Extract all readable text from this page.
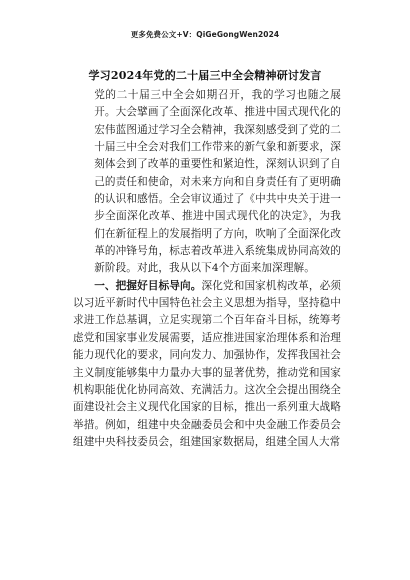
更多免费公文+V：QiGeGongWen2024
学习2024年党的二十届三中全会精神研讨发言

党的二十届三中全会如期召开，我的学习也随之展开。大会擘画了全面深化改革、推进中国式现代化的宏伟蓝图通过学习全会精神，我深刻感受到了党的二十届三中全会对我们工作带来的新气象和新要求，深刻体会到了改革的重要性和紧迫性，深刻认识到了自己的责任和使命，对未来方向和自身责任有了更明确的认识和感悟。全会审议通过了《中共中央关于进一步全面深化改革、推进中国式现代化的决定》，为我们在新征程上的发展指明了方向，吹响了全面深化改革的冲锋号角，标志着改革进入系统集成协同高效的新阶段。对此，我从以下4个方面来加深理解。

一、把握好目标导向。深化党和国家机构改革，必须以习近平新时代中国特色社会主义思想为指导，坚持稳中求进工作总基调，立足实现第二个百年奋斗目标，统筹考虑党和国家事业发展需要，适应推进国家治理体系和治理能力现代化的要求，同向发力、加强协作，发挥我国社会主义制度能够集中力量办大事的显著优势，推动党和国家机构职能优化协同高效、充满活力。这次全会提出围绕全面建设社会主义现代化国家的目标，推出一系列重大战略举措。例如，组建中央金融委员会和中央金融工作委员会组建中央科技委员会，组建国家数据局，组建全国人大常
